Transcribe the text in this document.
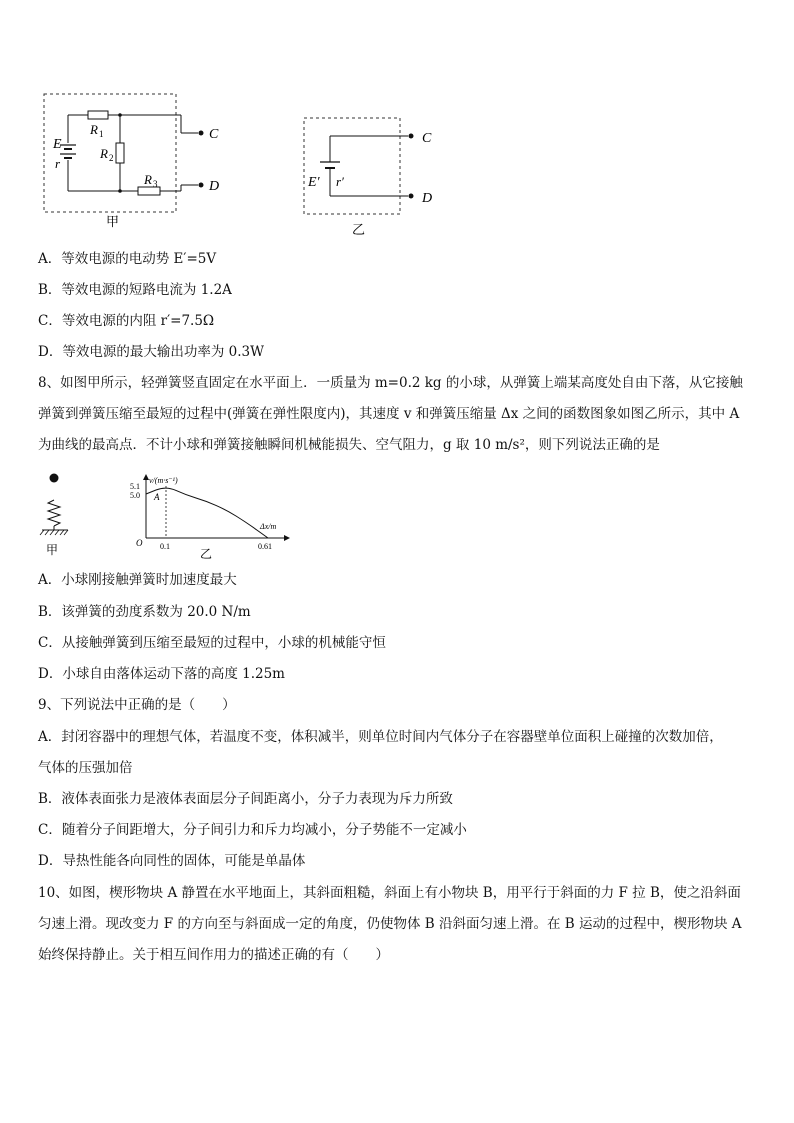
E
r
R 1
R 2
R 3
C
D
甲
E′ r′
C
D
乙
A．等效电源的电动势 E′=5V
B．等效电源的短路电流为 1.2A
C．等效电源的内阻 r′=7.5Ω
D．等效电源的最大输出功率为 0.3W
8、如图甲所示，轻弹簧竖直固定在水平面上．一质量为 m=0.2 kg 的小球，从弹簧上端某高度处自由下落，从它接触
弹簧到弹簧压缩至最短的过程中(弹簧在弹性限度内)，其速度 v 和弹簧压缩量 Δx 之间的函数图象如图乙所示，其中 A
为曲线的最高点．不计小球和弹簧接触瞬间机械能损失、空气阻力，g 取 10 m/s²，则下列说法正确的是
甲
v/(m·s⁻¹)
Δx/m
O
5.1
5.0
0.1	0.61
A
乙
A．小球刚接触弹簧时加速度最大
B．该弹簧的劲度系数为 20.0 N/m
C．从接触弹簧到压缩至最短的过程中，小球的机械能守恒
D．小球自由落体运动下落的高度 1.25m
9、下列说法中正确的是（　　）
A．封闭容器中的理想气体，若温度不变，体积减半，则单位时间内气体分子在容器壁单位面积上碰撞的次数加倍，
气体的压强加倍
B．液体表面张力是液体表面层分子间距离小，分子力表现为斥力所致
C．随着分子间距增大，分子间引力和斥力均减小，分子势能不一定减小
D．导热性能各向同性的固体，可能是单晶体
10、如图，楔形物块 A 静置在水平地面上，其斜面粗糙，斜面上有小物块 B，用平行于斜面的力 F 拉 B，使之沿斜面
匀速上滑。现改变力 F 的方向至与斜面成一定的角度，仍使物体 B 沿斜面匀速上滑。在 B 运动的过程中，楔形物块 A
始终保持静止。关于相互间作用力的描述正确的有（　　）
